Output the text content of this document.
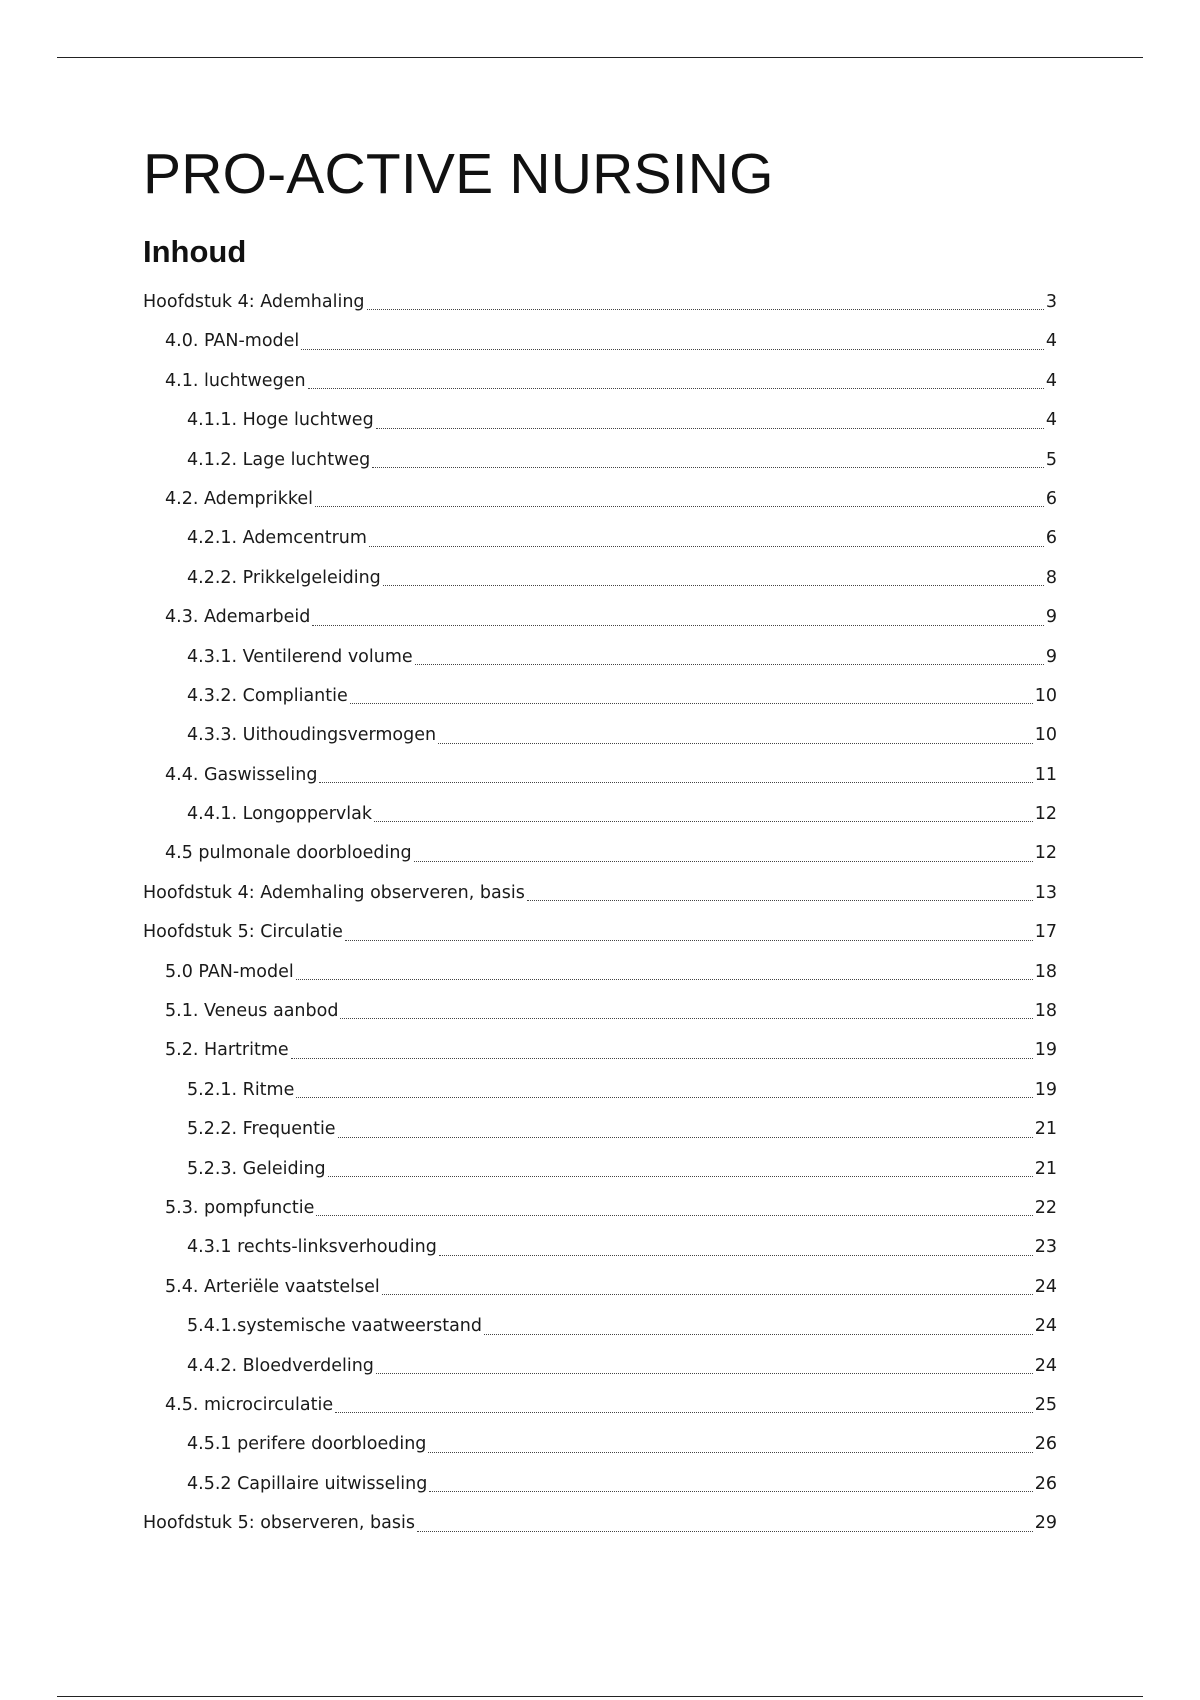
PRO-ACTIVE NURSING
Inhoud
Hoofdstuk 4: Ademhaling	3
4.0. PAN-model	4
4.1. luchtwegen	4
4.1.1. Hoge luchtweg	4
4.1.2. Lage luchtweg	5
4.2. Ademprikkel	6
4.2.1. Ademcentrum	6
4.2.2. Prikkelgeleiding	8
4.3. Ademarbeid	9
4.3.1. Ventilerend volume	9
4.3.2. Compliantie	10
4.3.3. Uithoudingsvermogen	10
4.4. Gaswisseling	11
4.4.1. Longoppervlak	12
4.5 pulmonale doorbloeding	12
Hoofdstuk 4: Ademhaling observeren, basis	13
Hoofdstuk 5: Circulatie	17
5.0 PAN-model	18
5.1. Veneus aanbod	18
5.2. Hartritme	19
5.2.1. Ritme	19
5.2.2. Frequentie	21
5.2.3. Geleiding	21
5.3. pompfunctie	22
4.3.1 rechts-linksverhouding	23
5.4. Arteriële vaatstelsel	24
5.4.1.systemische vaatweerstand	24
4.4.2. Bloedverdeling	24
4.5. microcirculatie	25
4.5.1 perifere doorbloeding	26
4.5.2 Capillaire uitwisseling	26
Hoofdstuk 5: observeren, basis	29
